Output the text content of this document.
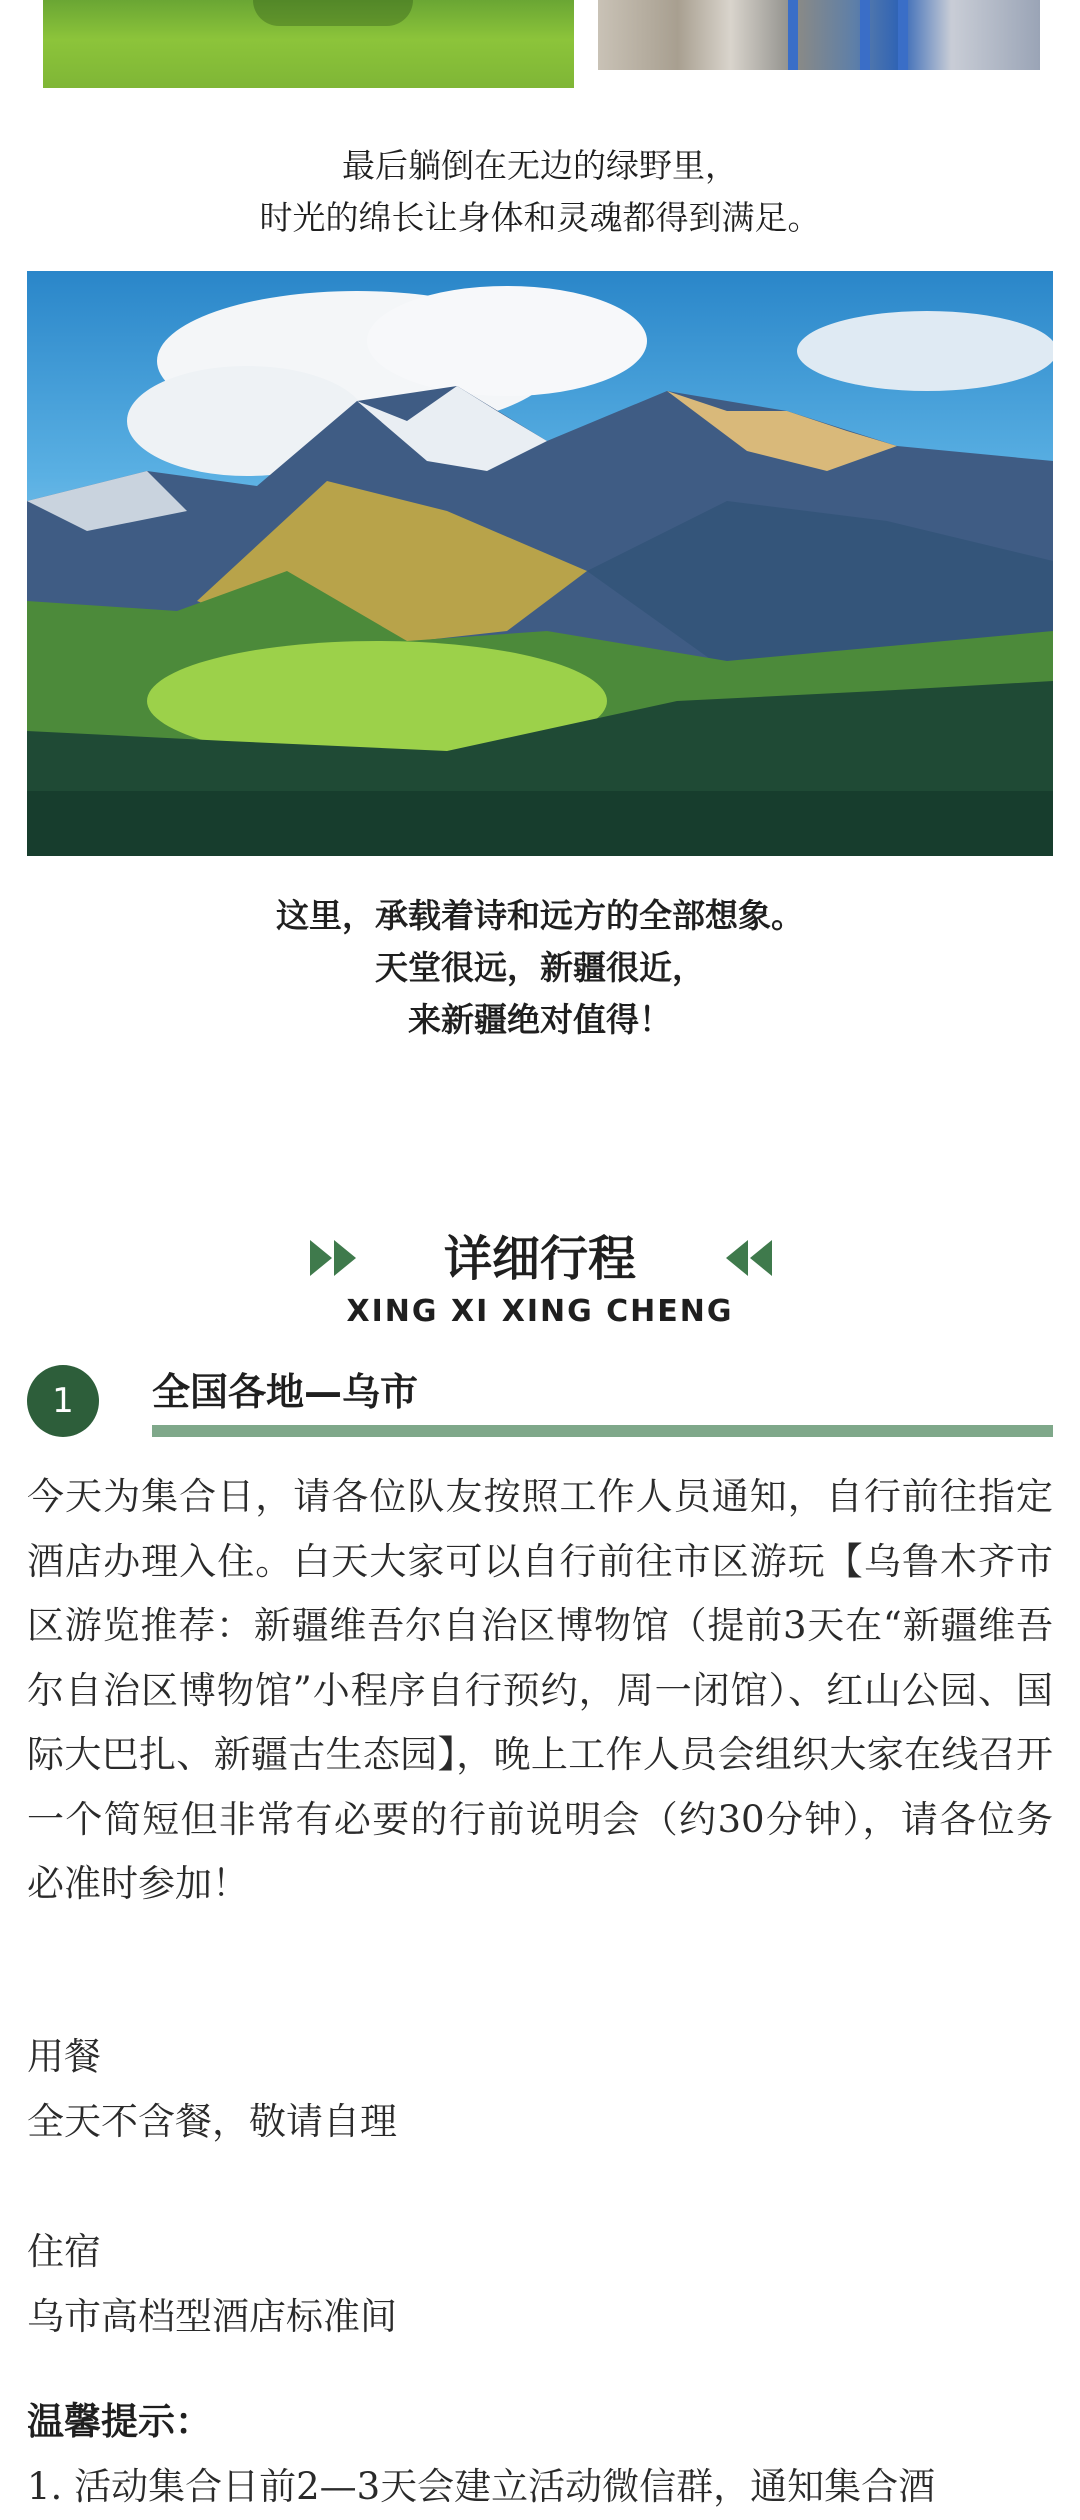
最后躺倒在无边的绿野里，
时光的绵长让身体和灵魂都得到满足。

这里，承载着诗和远方的全部想象。
天堂很远，新疆很近，
来新疆绝对值得！

详细行程
XING XI XING CHENG
1	全国各地—乌市

今天为集合日，请各位队友按照工作人员通知，自行前往指定酒店办理入住。白天大家可以自行前往市区游玩【乌鲁木齐市区游览推荐：新疆维吾尔自治区博物馆（提前3天在“新疆维吾尔自治区博物馆”小程序自行预约，周一闭馆）、红山公园、国际大巴扎、新疆古生态园】，晚上工作人员会组织大家在线召开一个简短但非常有必要的行前说明会（约30分钟），请各位务必准时参加！

用餐

全天不含餐，敬请自理

住宿

乌市高档型酒店标准间

温馨提示：

1. 活动集合日前2—3天会建立活动微信群，通知集合酒
